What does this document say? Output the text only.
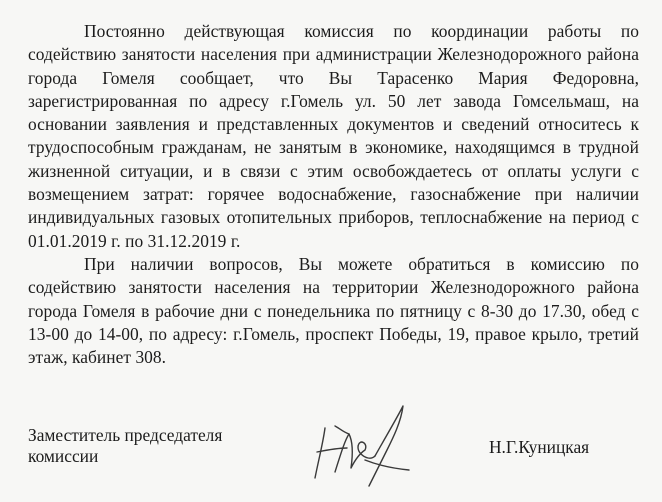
Постоянно действующая комиссия по координации работы по содействию занятости населения при администрации Железнодорожного района города Гомеля сообщает, что Вы Тарасенко Мария Федоровна, зарегистрированная по адресу г.Гомель ул. 50 лет завода Гомсельмаш, на основании заявления и представленных документов и сведений относитесь к трудоспособным гражданам, не занятым в экономике, находящимся в трудной жизненной ситуации, и в связи с этим освобождаетесь от оплаты услуги с возмещением затрат: горячее водоснабжение, газоснабжение при наличии индивидуальных газовых отопительных приборов, теплоснабжение на период с 01.01.2019 г. по 31.12.2019 г.

При наличии вопросов, Вы можете обратиться в комиссию по содействию занятости населения на территории Железнодорожного района города Гомеля в рабочие дни с понедельника по пятницу с 8-30 до 17.30, обед с 13-00 до 14-00, по адресу: г.Гомель, проспект Победы, 19, правое крыло, третий этаж, кабинет 308.

Заместитель председателя
комиссии	Н.Г.Куницкая
